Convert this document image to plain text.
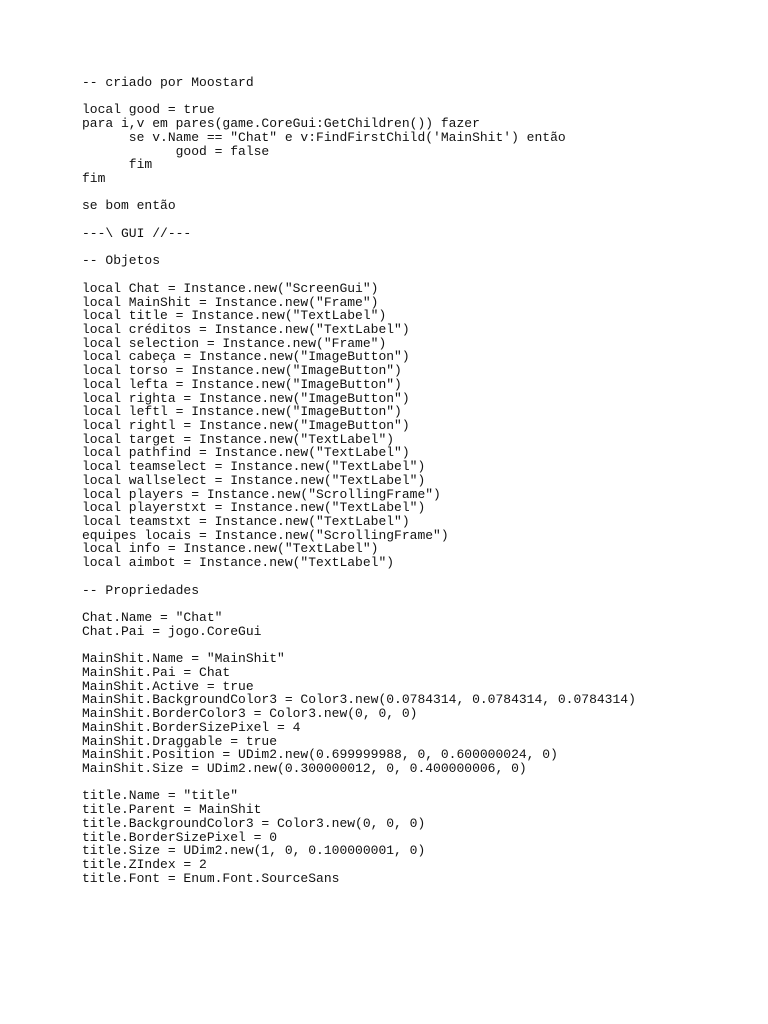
-- criado por Moostard
local good = true
para i,v em pares(game.CoreGui:GetChildren()) fazer
se v.Name == "Chat" e v:FindFirstChild('MainShit') então
good = false
fim
fim
se bom então
---\ GUI //---
-- Objetos
local Chat = Instance.new("ScreenGui")
local MainShit = Instance.new("Frame")
local title = Instance.new("TextLabel")
local créditos = Instance.new("TextLabel")
local selection = Instance.new("Frame")
local cabeça = Instance.new("ImageButton")
local torso = Instance.new("ImageButton")
local lefta = Instance.new("ImageButton")
local righta = Instance.new("ImageButton")
local leftl = Instance.new("ImageButton")
local rightl = Instance.new("ImageButton")
local target = Instance.new("TextLabel")
local pathfind = Instance.new("TextLabel")
local teamselect = Instance.new("TextLabel")
local wallselect = Instance.new("TextLabel")
local players = Instance.new("ScrollingFrame")
local playerstxt = Instance.new("TextLabel")
local teamstxt = Instance.new("TextLabel")
equipes locais = Instance.new("ScrollingFrame")
local info = Instance.new("TextLabel")
local aimbot = Instance.new("TextLabel")
-- Propriedades
Chat.Name = "Chat"
Chat.Pai = jogo.CoreGui
MainShit.Name = "MainShit"
MainShit.Pai = Chat
MainShit.Active = true
MainShit.BackgroundColor3 = Color3.new(0.0784314, 0.0784314, 0.0784314)
MainShit.BorderColor3 = Color3.new(0, 0, 0)
MainShit.BorderSizePixel = 4
MainShit.Draggable = true
MainShit.Position = UDim2.new(0.699999988, 0, 0.600000024, 0)
MainShit.Size = UDim2.new(0.300000012, 0, 0.400000006, 0)
title.Name = "title"
title.Parent = MainShit
title.BackgroundColor3 = Color3.new(0, 0, 0)
title.BorderSizePixel = 0
title.Size = UDim2.new(1, 0, 0.100000001, 0)
title.ZIndex = 2
title.Font = Enum.Font.SourceSans
